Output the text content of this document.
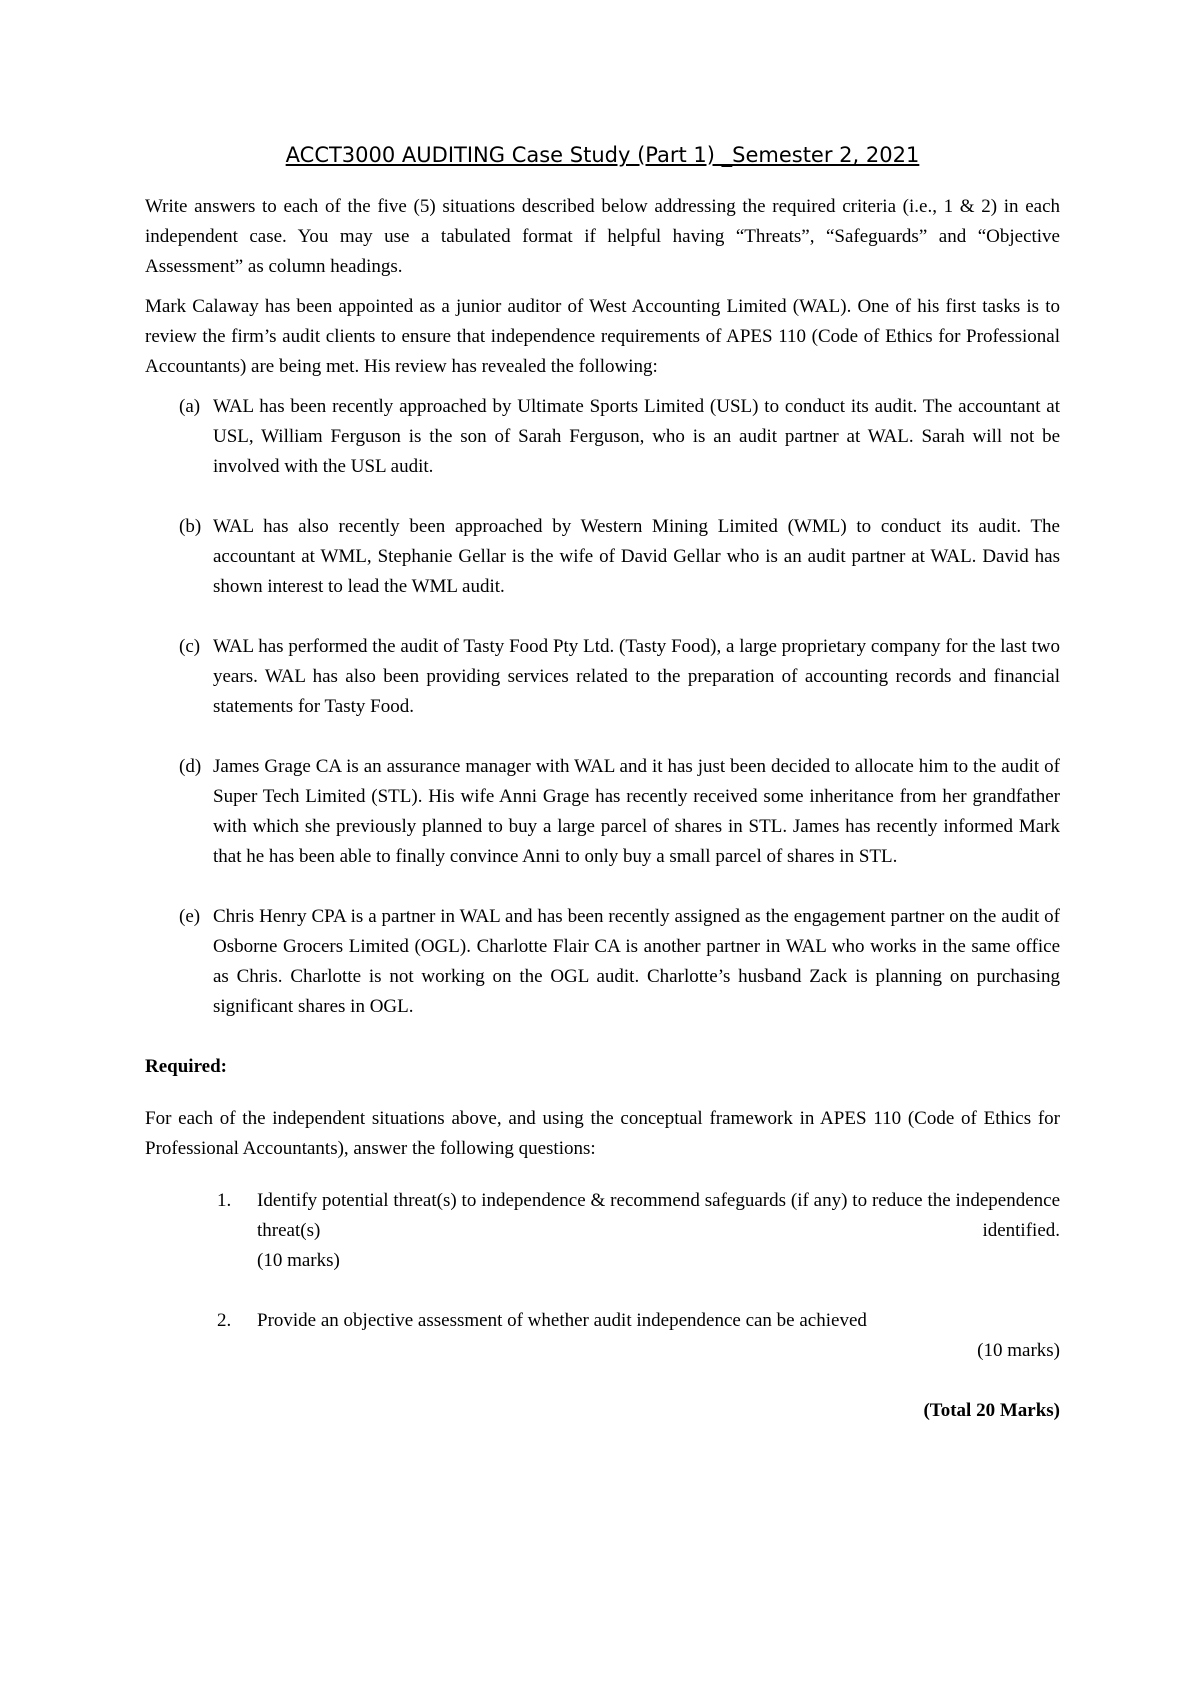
ACCT3000 AUDITING Case Study (Part 1) _Semester 2, 2021

Write answers to each of the five (5) situations described below addressing the required criteria (i.e., 1 & 2) in each independent case. You may use a tabulated format if helpful having “Threats”, “Safeguards” and “Objective Assessment” as column headings.

Mark Calaway has been appointed as a junior auditor of West Accounting Limited (WAL). One of his first tasks is to review the firm’s audit clients to ensure that independence requirements of APES 110 (Code of Ethics for Professional Accountants) are being met. His review has revealed the following:

(a) WAL has been recently approached by Ultimate Sports Limited (USL) to conduct its audit. The accountant at USL, William Ferguson is the son of Sarah Ferguson, who is an audit partner at WAL. Sarah will not be involved with the USL audit.
(b) WAL has also recently been approached by Western Mining Limited (WML) to conduct its audit. The accountant at WML, Stephanie Gellar is the wife of David Gellar who is an audit partner at WAL. David has shown interest to lead the WML audit.
(c) WAL has performed the audit of Tasty Food Pty Ltd. (Tasty Food), a large proprietary company for the last two years. WAL has also been providing services related to the preparation of accounting records and financial statements for Tasty Food.
(d) James Grage CA is an assurance manager with WAL and it has just been decided to allocate him to the audit of Super Tech Limited (STL). His wife Anni Grage has recently received some inheritance from her grandfather with which she previously planned to buy a large parcel of shares in STL. James has recently informed Mark that he has been able to finally convince Anni to only buy a small parcel of shares in STL.
(e) Chris Henry CPA is a partner in WAL and has been recently assigned as the engagement partner on the audit of Osborne Grocers Limited (OGL). Charlotte Flair CA is another partner in WAL who works in the same office as Chris. Charlotte is not working on the OGL audit. Charlotte’s husband Zack is planning on purchasing significant shares in OGL.
Required:

For each of the independent situations above, and using the conceptual framework in APES 110 (Code of Ethics for Professional Accountants), answer the following questions:

1.	Identify potential threat(s) to independence & recommend safeguards (if any) to reduce the independence threat(s) identified.
(10 marks)
2.	Provide an objective assessment of whether audit independence can be achieved
(10 marks)
(Total 20 Marks)
